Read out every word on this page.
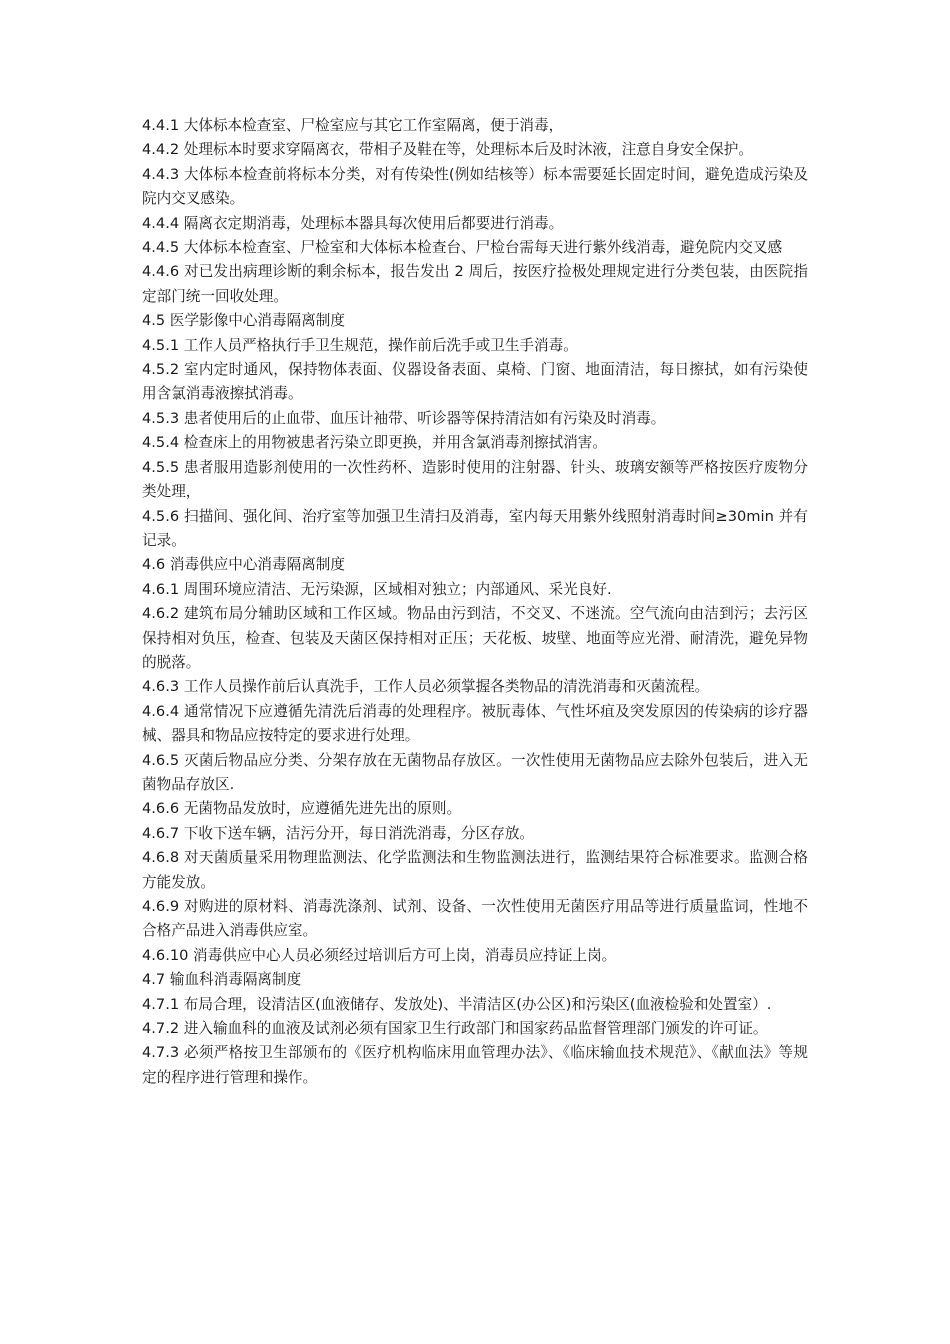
4.4.1 大体标本检查室、尸检室应与其它工作室隔离，便于消毒，

4.4.2 处理标本时要求穿隔离衣，带相子及鞋在等，处理标本后及时沐液，注意自身安全保护。

4.4.3 大体标本检查前将标本分类，对有传染性(例如结核等）标本需要延长固定时间，避免造成污染及院内交叉感染。

4.4.4 隔离衣定期消毒，处理标本器具每次使用后都要进行消毒。

4.4.5 大体标本检查室、尸检室和大体标本检查台、尸检台需每天进行紫外线消毒，避免院内交叉感

4.4.6 对已发出病理诊断的剩余标本，报告发出 2 周后，按医疗捡极处理规定进行分类包装，由医院指定部门统一回收处理。

4.5 医学影像中心消毒隔离制度

4.5.1 工作人员严格执行手卫生规范，操作前后洗手或卫生手消毒。

4.5.2 室内定时通风，保持物体表面、仪器设备表面、桌椅、门窗、地面清洁，每日擦拭，如有污染使用含氯消毒液擦拭消毒。

4.5.3 患者使用后的止血带、血压计袖带、听诊器等保持清洁如有污染及时消毒。

4.5.4 检查床上的用物被患者污染立即更换，并用含氯消毒剂擦拭消害。

4.5.5 患者服用造影剂使用的一次性药杯、造影时使用的注射器、针头、玻璃安额等严格按医疗废物分类处理，

4.5.6 扫描间、强化间、治疗室等加强卫生清扫及消毒，室内每天用紫外线照射消毒时间≥30min 并有记录。

4.6 消毒供应中心消毒隔离制度

4.6.1 周围环境应清洁、无污染源，区域相对独立；内部通风、采光良好.

4.6.2 建筑布局分辅助区域和工作区域。物品由污到洁，不交叉、不迷流。空气流向由洁到污；去污区保持相对负压，检查、包装及天菌区保持相对正压；天花板、坡壁、地面等应光滑、耐清洗，避免异物的脱落。

4.6.3 工作人员操作前后认真洗手，工作人员必须掌握各类物品的清洗消毒和灭菌流程。

4.6.4 通常情况下应遵循先清洗后消毒的处理程序。被朊毒体、气性坏疽及突发原因的传染病的诊疗器械、器具和物品应按特定的要求进行处理。

4.6.5 灭菌后物品应分类、分架存放在无菌物品存放区。一次性使用无菌物品应去除外包装后，进入无菌物品存放区.

4.6.6 无菌物品发放时，应遵循先进先出的原则。

4.6.7 下收下送车辆，洁污分开，每日消洗消毒，分区存放。

4.6.8 对天菌质量采用物理监测法、化学监测法和生物监测法进行，监测结果符合标准要求。监测合格方能发放。

4.6.9 对购进的原材料、消毒洗涤剂、试剂、设备、一次性使用无菌医疗用品等进行质量监词，性地不合格产品进入消毒供应室。

4.6.10 消毒供应中心人员必须经过培训后方可上岗，消毒员应持证上岗。

4.7 输血科消毒隔离制度

4.7.1 布局合理，设清洁区(血液储存、发放处)、半清洁区(办公区)和污染区(血液检验和处置室）.

4.7.2 进入输血科的血液及试剂必须有国家卫生行政部门和国家药品监督管理部门颁发的许可证。

4.7.3 必须严格按卫生部颁布的《医疗机构临床用血管理办法》、《临床输血技术规范》、《献血法》等规定的程序进行管理和操作。
